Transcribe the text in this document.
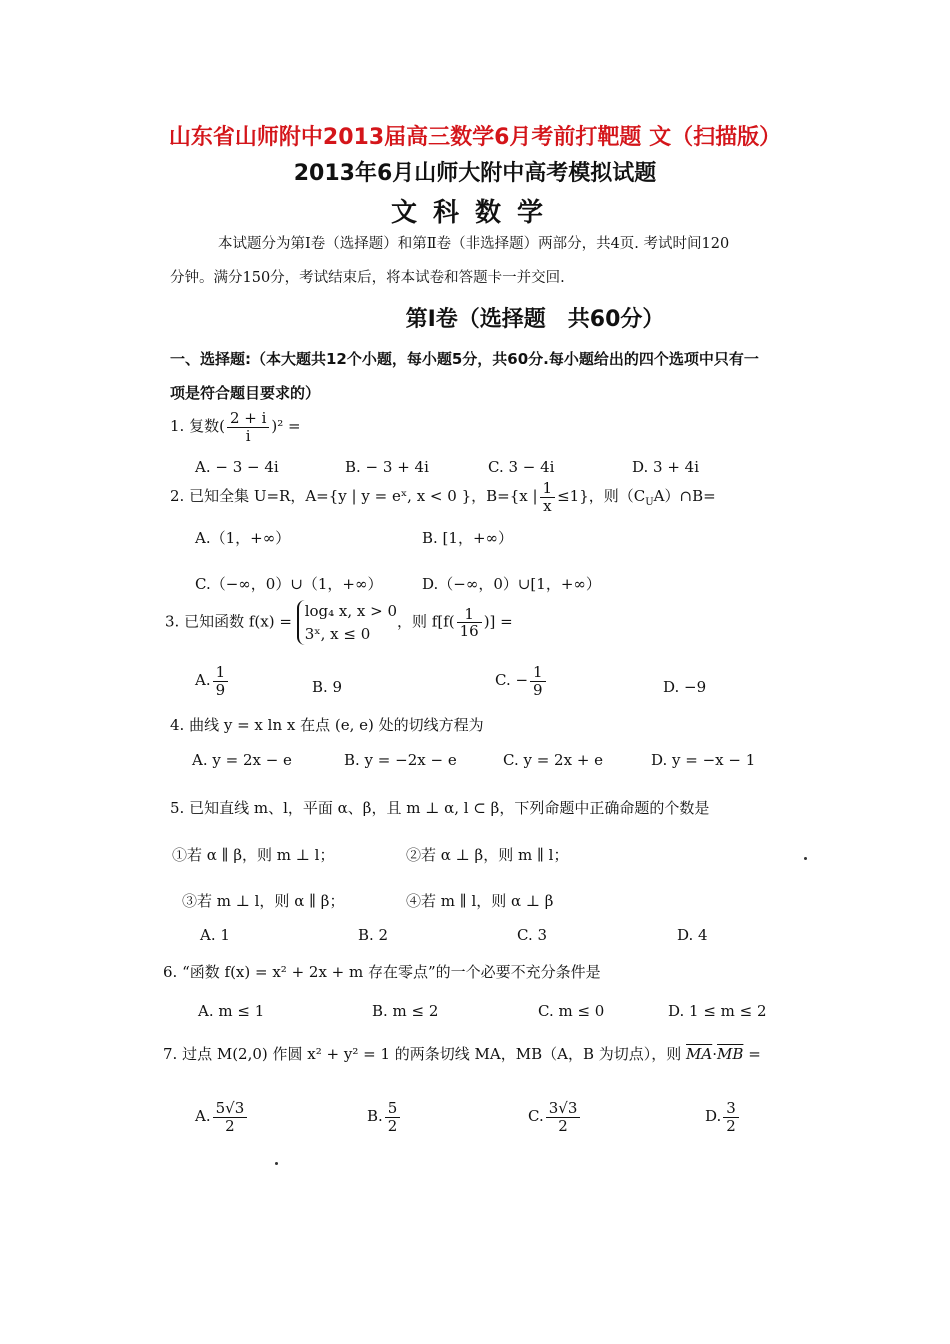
山东省山师附中2013届高三数学6月考前打靶题 文（扫描版）
2013年6月山师大附中高考模拟试题
文科数学
本试题分为第Ⅰ卷（选择题）和第Ⅱ卷（非选择题）两部分，共4页. 考试时间120
分钟。满分150分，考试结束后，将本试卷和答题卡一并交回.
第Ⅰ卷（选择题　共60分）
一、选择题:（本大题共12个小题，每小题5分，共60分.每小题给出的四个选项中只有一
项是符合题目要求的）
1. 复数( $\frac{2 + i}{i} )^2$ =
A. − 3 − 4i	B. − 3 + 4i	C. 3 − 4i	D. 3 + 4i
2. 已知全集 U=R，A={y | y = eˣ, x < 0 }，B={x | $\frac{1}{x} \le 1$}，则$(C_UA)\cap B=$
A.（1，+∞）	B. [1，+∞）
C.（−∞，0）∪（1，+∞）	D.（−∞，0）∪[1，+∞）
3. 已知函数 f(x) =
log₄ x, x > 0
3ˣ, x ≤ 0
，则 $f[f( \frac{1}{16}$ )] =
A. $\frac{1}{9}$	B. 9	C. − $\frac{1}{9}$	D. −9
4. 曲线 y = x ln x 在点 (e, e) 处的切线方程为
A. y = 2x − e	B. y = −2x − e	C. y = 2x + e	D. y = −x − 1
5. 已知直线 m、l，平面 α、β，且 m ⊥ α, l ⊂ β，下列命题中正确命题的个数是
①若 α ∥ β，则 m ⊥ l；	②若 α ⊥ β，则 m ∥ l；
③若 m ⊥ l，则 α ∥ β；	④若 m ∥ l，则 α ⊥ β
A. 1	B. 2	C. 3	D. 4
6. “函数 f(x) = x² + 2x + m 存在零点”的一个必要不充分条件是
A. m ≤ 1	B. m ≤ 2	C. m ≤ 0	D. 1 ≤ m ≤ 2
7. 过点 M(2,0) 作圆 x² + y² = 1 的两条切线 MA，MB（A，B 为切点），则 $\overline{MA}\cdot\overline{MB}$ =
A. $\frac{5√3}{2}$	B. $\frac{5}{2}$	C. $\frac{3√3}{2}$	D. $\frac{3}{2}$
